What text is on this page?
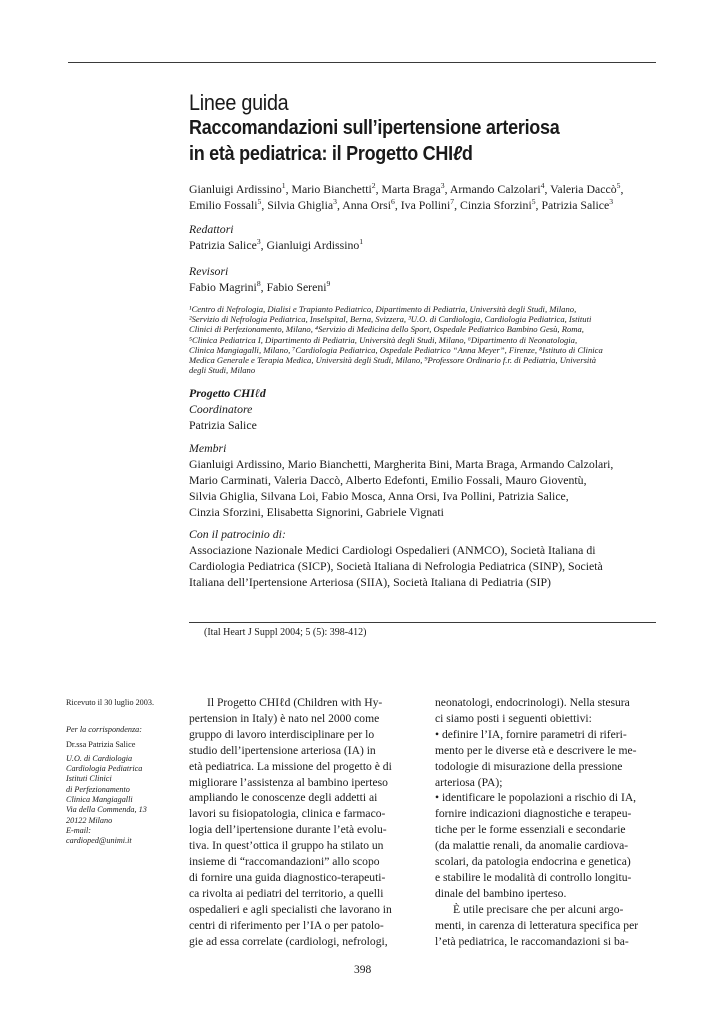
Linee guida
Raccomandazioni sull’ipertensione arteriosa
in età pediatrica: il Progetto CHIℓd
Gianluigi Ardissino$^1$, Mario Bianchetti$^2$, Marta Braga$^3$, Armando Calzolari$^4$, Valeria Daccò$^5$,
Emilio Fossali$^5$, Silvia Ghiglia$^3$, Anna Orsi$^6$, Iva Pollini$^7$, Cinzia Sforzini$^5$, Patrizia Salice$^3$
Redattori
Patrizia Salice$^3$, Gianluigi Ardissino$^1$
Revisori
Fabio Magrini$^8$, Fabio Sereni$^9$

¹Centro di Nefrologia, Dialisi e Trapianto Pediatrico, Dipartimento di Pediatria, Università degli Studi, Milano,

²Servizio di Nefrologia Pediatrica, Inselspital, Berna, Svizzera, ³U.O. di Cardiologia, Cardiologia Pediatrica, Istituti

Clinici di Perfezionamento, Milano, ⁴Servizio di Medicina dello Sport, Ospedale Pediatrico Bambino Gesù, Roma,

⁵Clinica Pediatrica I, Dipartimento di Pediatria, Università degli Studi, Milano, ⁶Dipartimento di Neonatologia,

Clinica Mangiagalli, Milano, ⁷Cardiologia Pediatrica, Ospedale Pediatrico “Anna Meyer”, Firenze, ⁸Istituto di Clinica

Medica Generale e Terapia Medica, Università degli Studi, Milano, ⁹Professore Ordinario f.r. di Pediatria, Università

degli Studi, Milano

Progetto CHIℓd
Coordinatore
Patrizia Salice
Membri
Gianluigi Ardissino, Mario Bianchetti, Margherita Bini, Marta Braga, Armando Calzolari,
Mario Carminati, Valeria Daccò, Alberto Edefonti, Emilio Fossali, Mauro Gioventù,
Silvia Ghiglia, Silvana Loi, Fabio Mosca, Anna Orsi, Iva Pollini, Patrizia Salice,
Cinzia Sforzini, Elisabetta Signorini, Gabriele Vignati
Con il patrocinio di:
Associazione Nazionale Medici Cardiologi Ospedalieri (ANMCO), Società Italiana di
Cardiologia Pediatrica (SICP), Società Italiana di Nefrologia Pediatrica (SINP), Società
Italiana dell’Ipertensione Arteriosa (SIIA), Società Italiana di Pediatria (SIP)
(Ital Heart J Suppl 2004; 5 (5): 398-412)

Ricevuto il 30 luglio 2003.

Per la corrispondenza:

Dr.ssa Patrizia Salice

U.O. di Cardiologia

Cardiologia Pediatrica

Istituti Clinici

di Perfezionamento

Clinica Mangiagalli

Via della Commenda, 13

20122 Milano

E-mail:

cardioped@unimi.it

Il Progetto CHIℓd (Children with Hy-
pertension in Italy) è nato nel 2000 come
gruppo di lavoro interdisciplinare per lo
studio dell’ipertensione arteriosa (IA) in
età pediatrica. La missione del progetto è di
migliorare l’assistenza al bambino iperteso
ampliando le conoscenze degli addetti ai
lavori su fisiopatologia, clinica e farmaco-
logia dell’ipertensione durante l’età evolu-
tiva. In quest’ottica il gruppo ha stilato un
insieme di “raccomandazioni” allo scopo
di fornire una guida diagnostico-terapeuti-
ca rivolta ai pediatri del territorio, a quelli
ospedalieri e agli specialisti che lavorano in
centri di riferimento per l’IA o per patolo-
gie ad essa correlate (cardiologi, nefrologi,
neonatologi, endocrinologi). Nella stesura
ci siamo posti i seguenti obiettivi:
• definire l’IA, fornire parametri di riferi-
mento per le diverse età e descrivere le me-
todologie di misurazione della pressione
arteriosa (PA);
• identificare le popolazioni a rischio di IA,
fornire indicazioni diagnostiche e terapeu-
tiche per le forme essenziali e secondarie
(da malattie renali, da anomalie cardiova-
scolari, da patologia endocrina e genetica)
e stabilire le modalità di controllo longitu-
dinale del bambino iperteso.
È utile precisare che per alcuni argo-
menti, in carenza di letteratura specifica per
l’età pediatrica, le raccomandazioni si ba-
398
